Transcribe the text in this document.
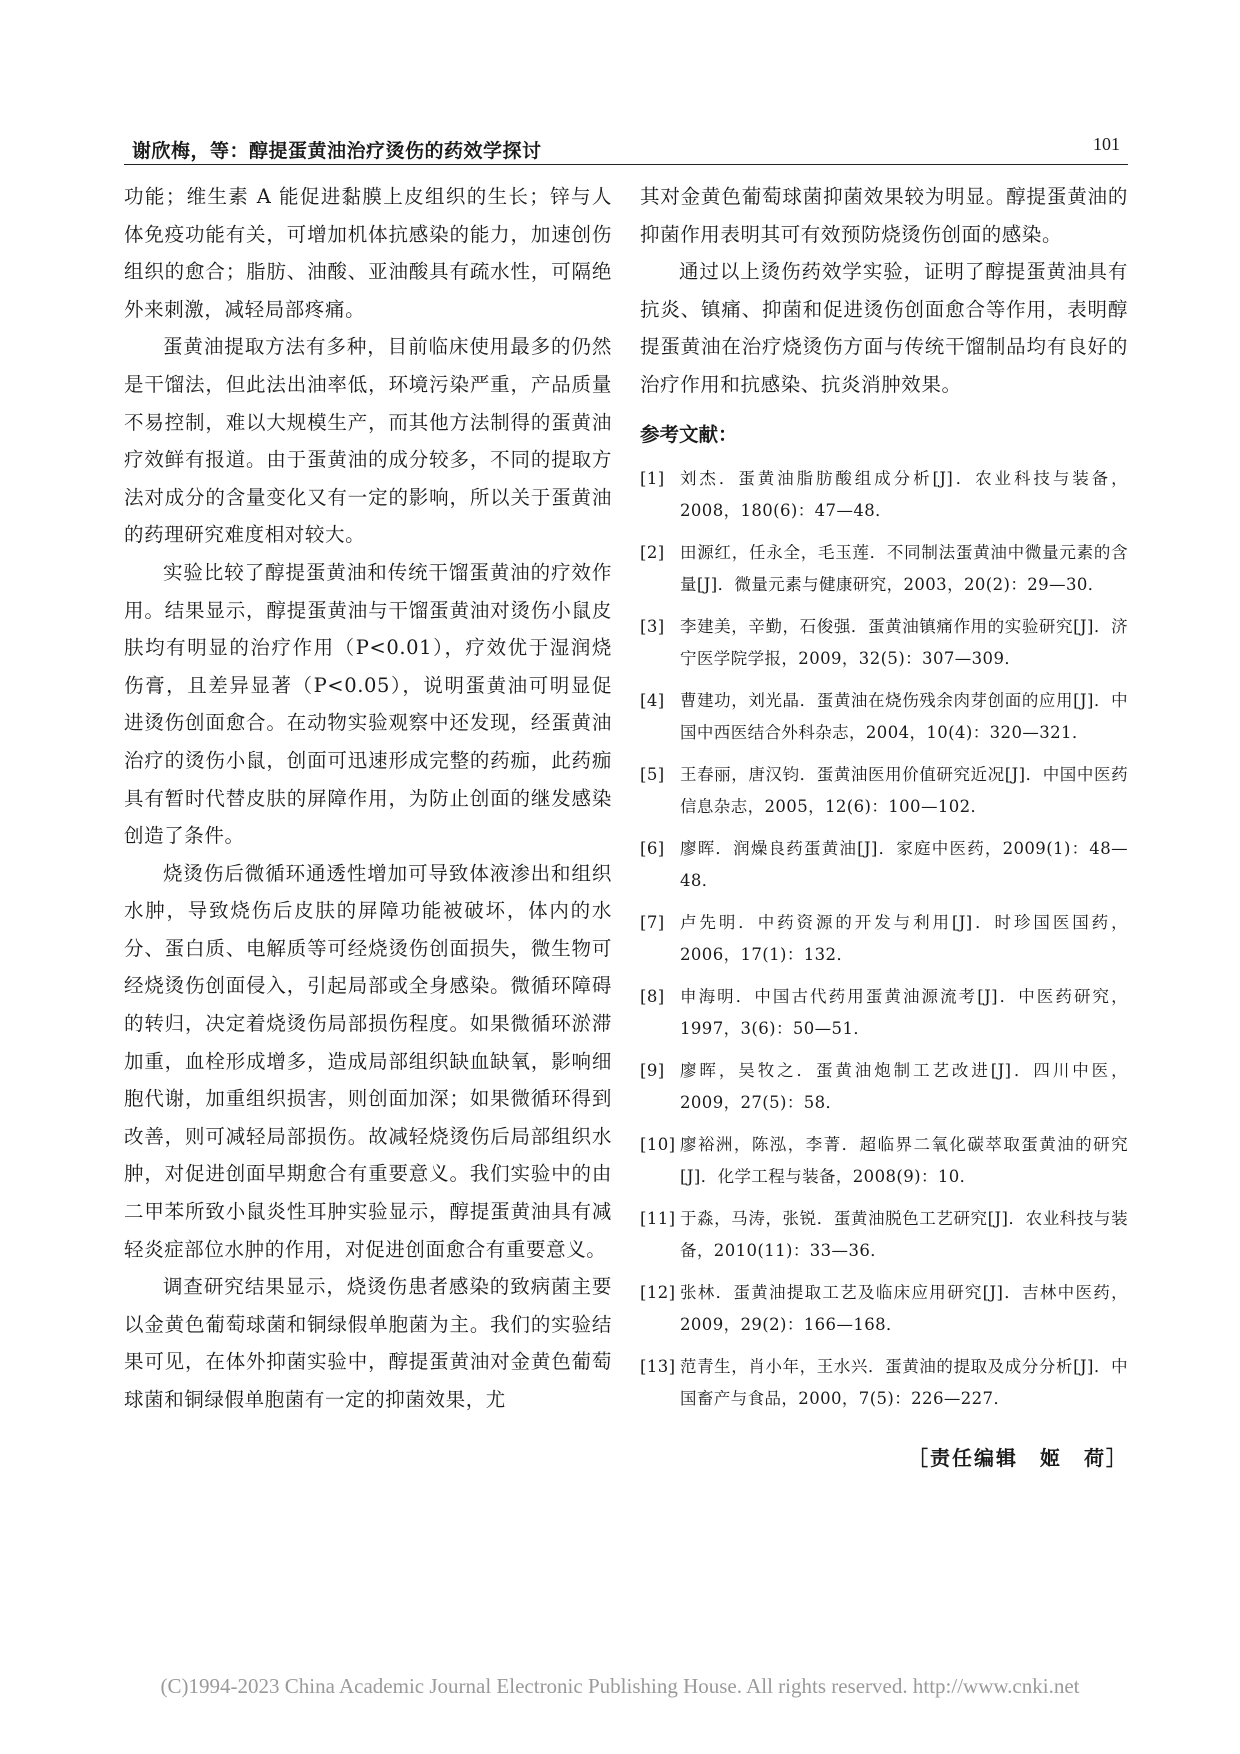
谢欣梅，等：醇提蛋黄油治疗烫伤的药效学探讨	101

功能；维生素 A 能促进黏膜上皮组织的生长；锌与人体免疫功能有关，可增加机体抗感染的能力，加速创伤组织的愈合；脂肪、油酸、亚油酸具有疏水性，可隔绝外来刺激，减轻局部疼痛。

蛋黄油提取方法有多种，目前临床使用最多的仍然是干馏法，但此法出油率低，环境污染严重，产品质量不易控制，难以大规模生产，而其他方法制得的蛋黄油疗效鲜有报道。由于蛋黄油的成分较多，不同的提取方法对成分的含量变化又有一定的影响，所以关于蛋黄油的药理研究难度相对较大。

实验比较了醇提蛋黄油和传统干馏蛋黄油的疗效作用。结果显示，醇提蛋黄油与干馏蛋黄油对烫伤小鼠皮肤均有明显的治疗作用（P<0.01），疗效优于湿润烧伤膏，且差异显著（P<0.05），说明蛋黄油可明显促进烫伤创面愈合。在动物实验观察中还发现，经蛋黄油治疗的烫伤小鼠，创面可迅速形成完整的药痂，此药痂具有暂时代替皮肤的屏障作用，为防止创面的继发感染创造了条件。

烧烫伤后微循环通透性增加可导致体液渗出和组织水肿，导致烧伤后皮肤的屏障功能被破坏，体内的水分、蛋白质、电解质等可经烧烫伤创面损失，微生物可经烧烫伤创面侵入，引起局部或全身感染。微循环障碍的转归，决定着烧烫伤局部损伤程度。如果微循环淤滞加重，血栓形成增多，造成局部组织缺血缺氧，影响细胞代谢，加重组织损害，则创面加深；如果微循环得到改善，则可减轻局部损伤。故减轻烧烫伤后局部组织水肿，对促进创面早期愈合有重要意义。我们实验中的由二甲苯所致小鼠炎性耳肿实验显示，醇提蛋黄油具有减轻炎症部位水肿的作用，对促进创面愈合有重要意义。

调查研究结果显示，烧烫伤患者感染的致病菌主要以金黄色葡萄球菌和铜绿假单胞菌为主。我们的实验结果可见，在体外抑菌实验中，醇提蛋黄油对金黄色葡萄球菌和铜绿假单胞菌有一定的抑菌效果，尤

其对金黄色葡萄球菌抑菌效果较为明显。醇提蛋黄油的抑菌作用表明其可有效预防烧烫伤创面的感染。

通过以上烫伤药效学实验，证明了醇提蛋黄油具有抗炎、镇痛、抑菌和促进烫伤创面愈合等作用，表明醇提蛋黄油在治疗烧烫伤方面与传统干馏制品均有良好的治疗作用和抗感染、抗炎消肿效果。

参考文献：
[1] 刘杰．蛋黄油脂肪酸组成分析[J]．农业科技与装备，2008，180(6)：47—48．
[2] 田源红，任永全，毛玉莲．不同制法蛋黄油中微量元素的含量[J]．微量元素与健康研究，2003，20(2)：29—30．
[3] 李建美，辛勤，石俊强．蛋黄油镇痛作用的实验研究[J]．济宁医学院学报，2009，32(5)：307—309．
[4] 曹建功，刘光晶．蛋黄油在烧伤残余肉芽创面的应用[J]．中国中西医结合外科杂志，2004，10(4)：320—321．
[5] 王春丽，唐汉钧．蛋黄油医用价值研究近况[J]．中国中医药信息杂志，2005，12(6)：100—102．
[6] 廖晖．润燥良药蛋黄油[J]．家庭中医药，2009(1)：48—48．
[7] 卢先明．中药资源的开发与利用[J]．时珍国医国药，2006，17(1)：132．
[8] 申海明．中国古代药用蛋黄油源流考[J]．中医药研究，1997，3(6)：50—51．
[9] 廖晖，吴牧之．蛋黄油炮制工艺改进[J]．四川中医，2009，27(5)：58．
[10] 廖裕洲，陈泓，李菁．超临界二氧化碳萃取蛋黄油的研究[J]．化学工程与装备，2008(9)：10．
[11] 于淼，马涛，张锐．蛋黄油脱色工艺研究[J]．农业科技与装备，2010(11)：33—36．
[12] 张林．蛋黄油提取工艺及临床应用研究[J]．吉林中医药，2009，29(2)：166—168．
[13] 范青生，肖小年，王水兴．蛋黄油的提取及成分分析[J]．中国畜产与食品，2000，7(5)：226—227．
［责任编辑　姬　荷］
(C)1994-2023 China Academic Journal Electronic Publishing House. All rights reserved. http://www.cnki.net
